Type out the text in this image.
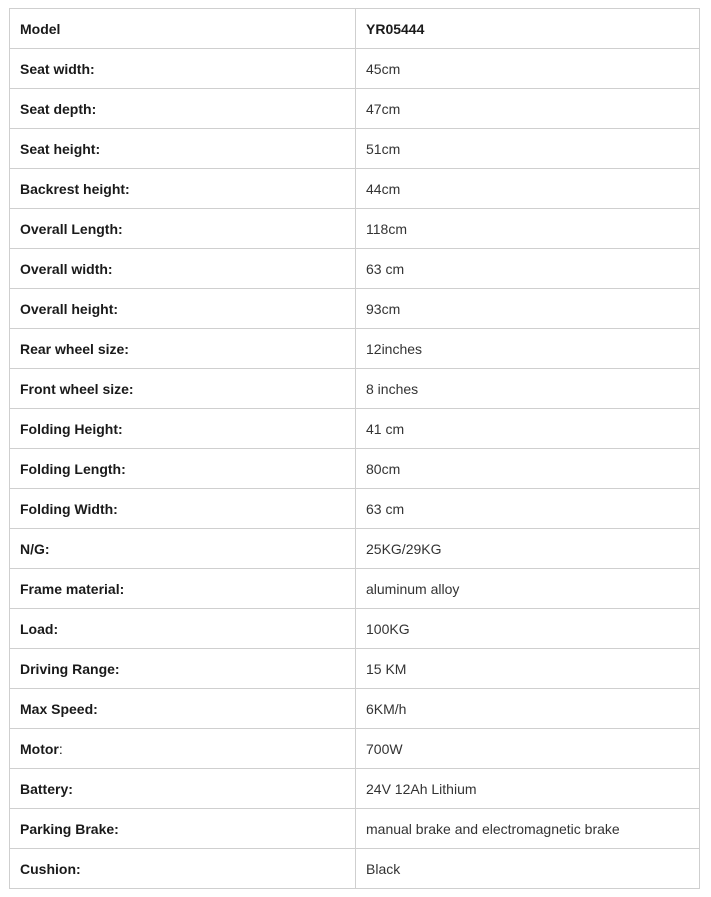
Model	YR05444
Seat width:	45cm
Seat depth:	47cm
Seat height:	51cm
Backrest height:	44cm
Overall Length:	118cm
Overall width:	63 cm
Overall height:	93cm
Rear wheel size:	12inches
Front wheel size:	8 inches
Folding Height:	41 cm
Folding Length:	80cm
Folding Width:	63 cm
N/G:	25KG/29KG
Frame material:	aluminum alloy
Load:	100KG
Driving Range:	15 KM
Max Speed:	6KM/h
Motor:	700W
Battery:	24V 12Ah Lithium
Parking Brake:	manual brake and electromagnetic brake
Cushion:	Black
